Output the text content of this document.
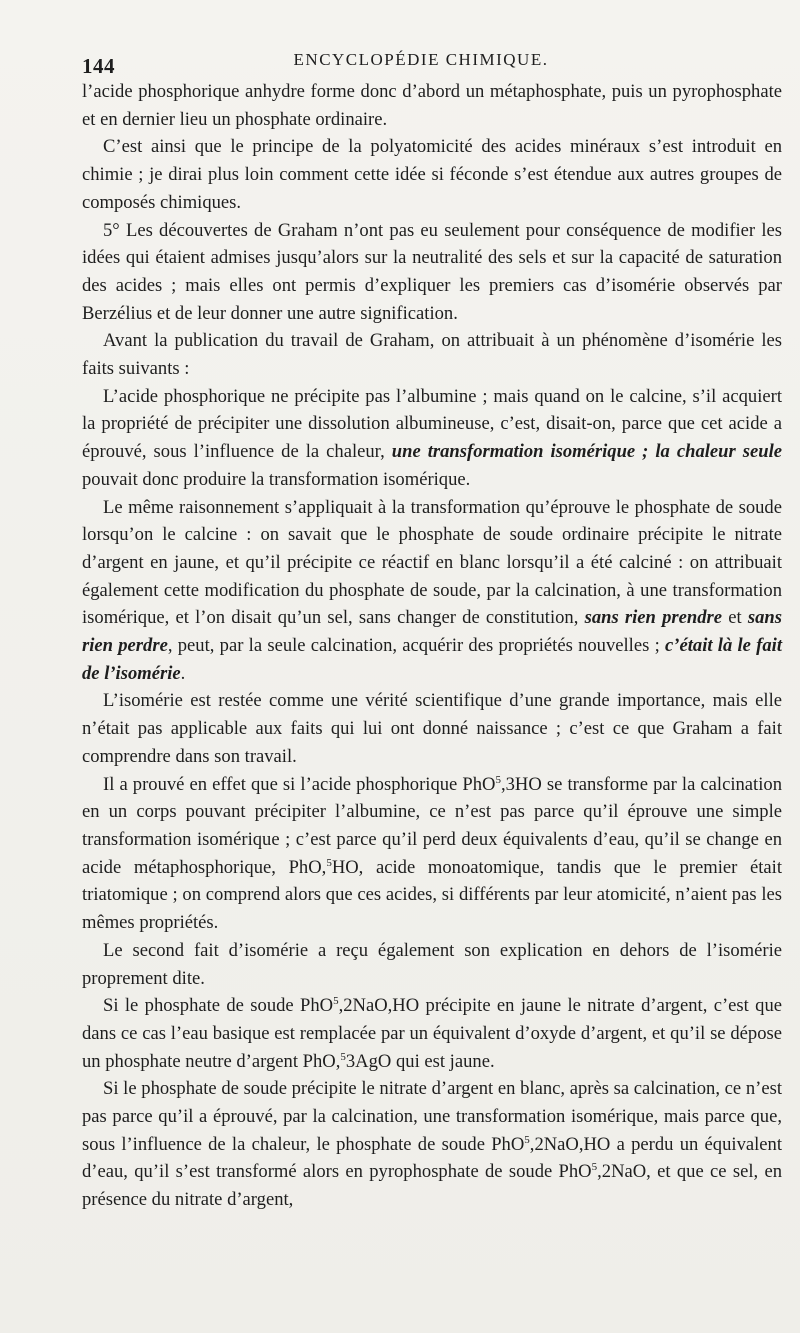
144	ENCYCLOPÉDIE CHIMIQUE.

l’acide phosphorique anhydre forme donc d’abord un métaphosphate, puis un pyrophosphate et en dernier lieu un phosphate ordinaire.

C’est ainsi que le principe de la polyatomicité des acides minéraux s’est introduit en chimie ; je dirai plus loin comment cette idée si féconde s’est étendue aux autres groupes de composés chimiques.

5° Les découvertes de Graham n’ont pas eu seulement pour conséquence de modifier les idées qui étaient admises jusqu’alors sur la neutralité des sels et sur la capacité de saturation des acides ; mais elles ont permis d’expliquer les premiers cas d’isomérie observés par Berzélius et de leur donner une autre signification.

Avant la publication du travail de Graham, on attribuait à un phénomène d’isomérie les faits suivants :

L’acide phosphorique ne précipite pas l’albumine ; mais quand on le calcine, s’il acquiert la propriété de précipiter une dissolution albumineuse, c’est, disait-on, parce que cet acide a éprouvé, sous l’influence de la chaleur, une transformation isomérique ; la chaleur seule pouvait donc produire la transformation isomérique.

Le même raisonnement s’appliquait à la transformation qu’éprouve le phosphate de soude lorsqu’on le calcine : on savait que le phosphate de soude ordinaire précipite le nitrate d’argent en jaune, et qu’il précipite ce réactif en blanc lorsqu’il a été calciné : on attribuait également cette modification du phosphate de soude, par la calcination, à une transformation isomérique, et l’on disait qu’un sel, sans changer de constitution, sans rien prendre et sans rien perdre, peut, par la seule calcination, acquérir des propriétés nouvelles ; c’était là le fait de l’isomérie.

L’isomérie est restée comme une vérité scientifique d’une grande importance, mais elle n’était pas applicable aux faits qui lui ont donné naissance ; c’est ce que Graham a fait comprendre dans son travail.

Il a prouvé en effet que si l’acide phosphorique PhO$^5$,3HO se transforme par la calcination en un corps pouvant précipiter l’albumine, ce n’est pas parce qu’il éprouve une simple transformation isomérique ; c’est parce qu’il perd deux équivalents d’eau, qu’il se change en acide métaphosphorique, PhO,$^5$HO, acide monoatomique, tandis que le premier était triatomique ; on comprend alors que ces acides, si différents par leur atomicité, n’aient pas les mêmes propriétés.

Le second fait d’isomérie a reçu également son explication en dehors de l’isomérie proprement dite.

Si le phosphate de soude PhO$^5$,2NaO,HO précipite en jaune le nitrate d’argent, c’est que dans ce cas l’eau basique est remplacée par un équivalent d’oxyde d’argent, et qu’il se dépose un phosphate neutre d’argent PhO,$^5$3AgO qui est jaune.

Si le phosphate de soude précipite le nitrate d’argent en blanc, après sa calcination, ce n’est pas parce qu’il a éprouvé, par la calcination, une transformation isomérique, mais parce que, sous l’influence de la chaleur, le phosphate de soude PhO$^5$,2NaO,HO a perdu un équivalent d’eau, qu’il s’est transformé alors en pyrophosphate de soude PhO$^5$,2NaO, et que ce sel, en présence du nitrate d’argent,
